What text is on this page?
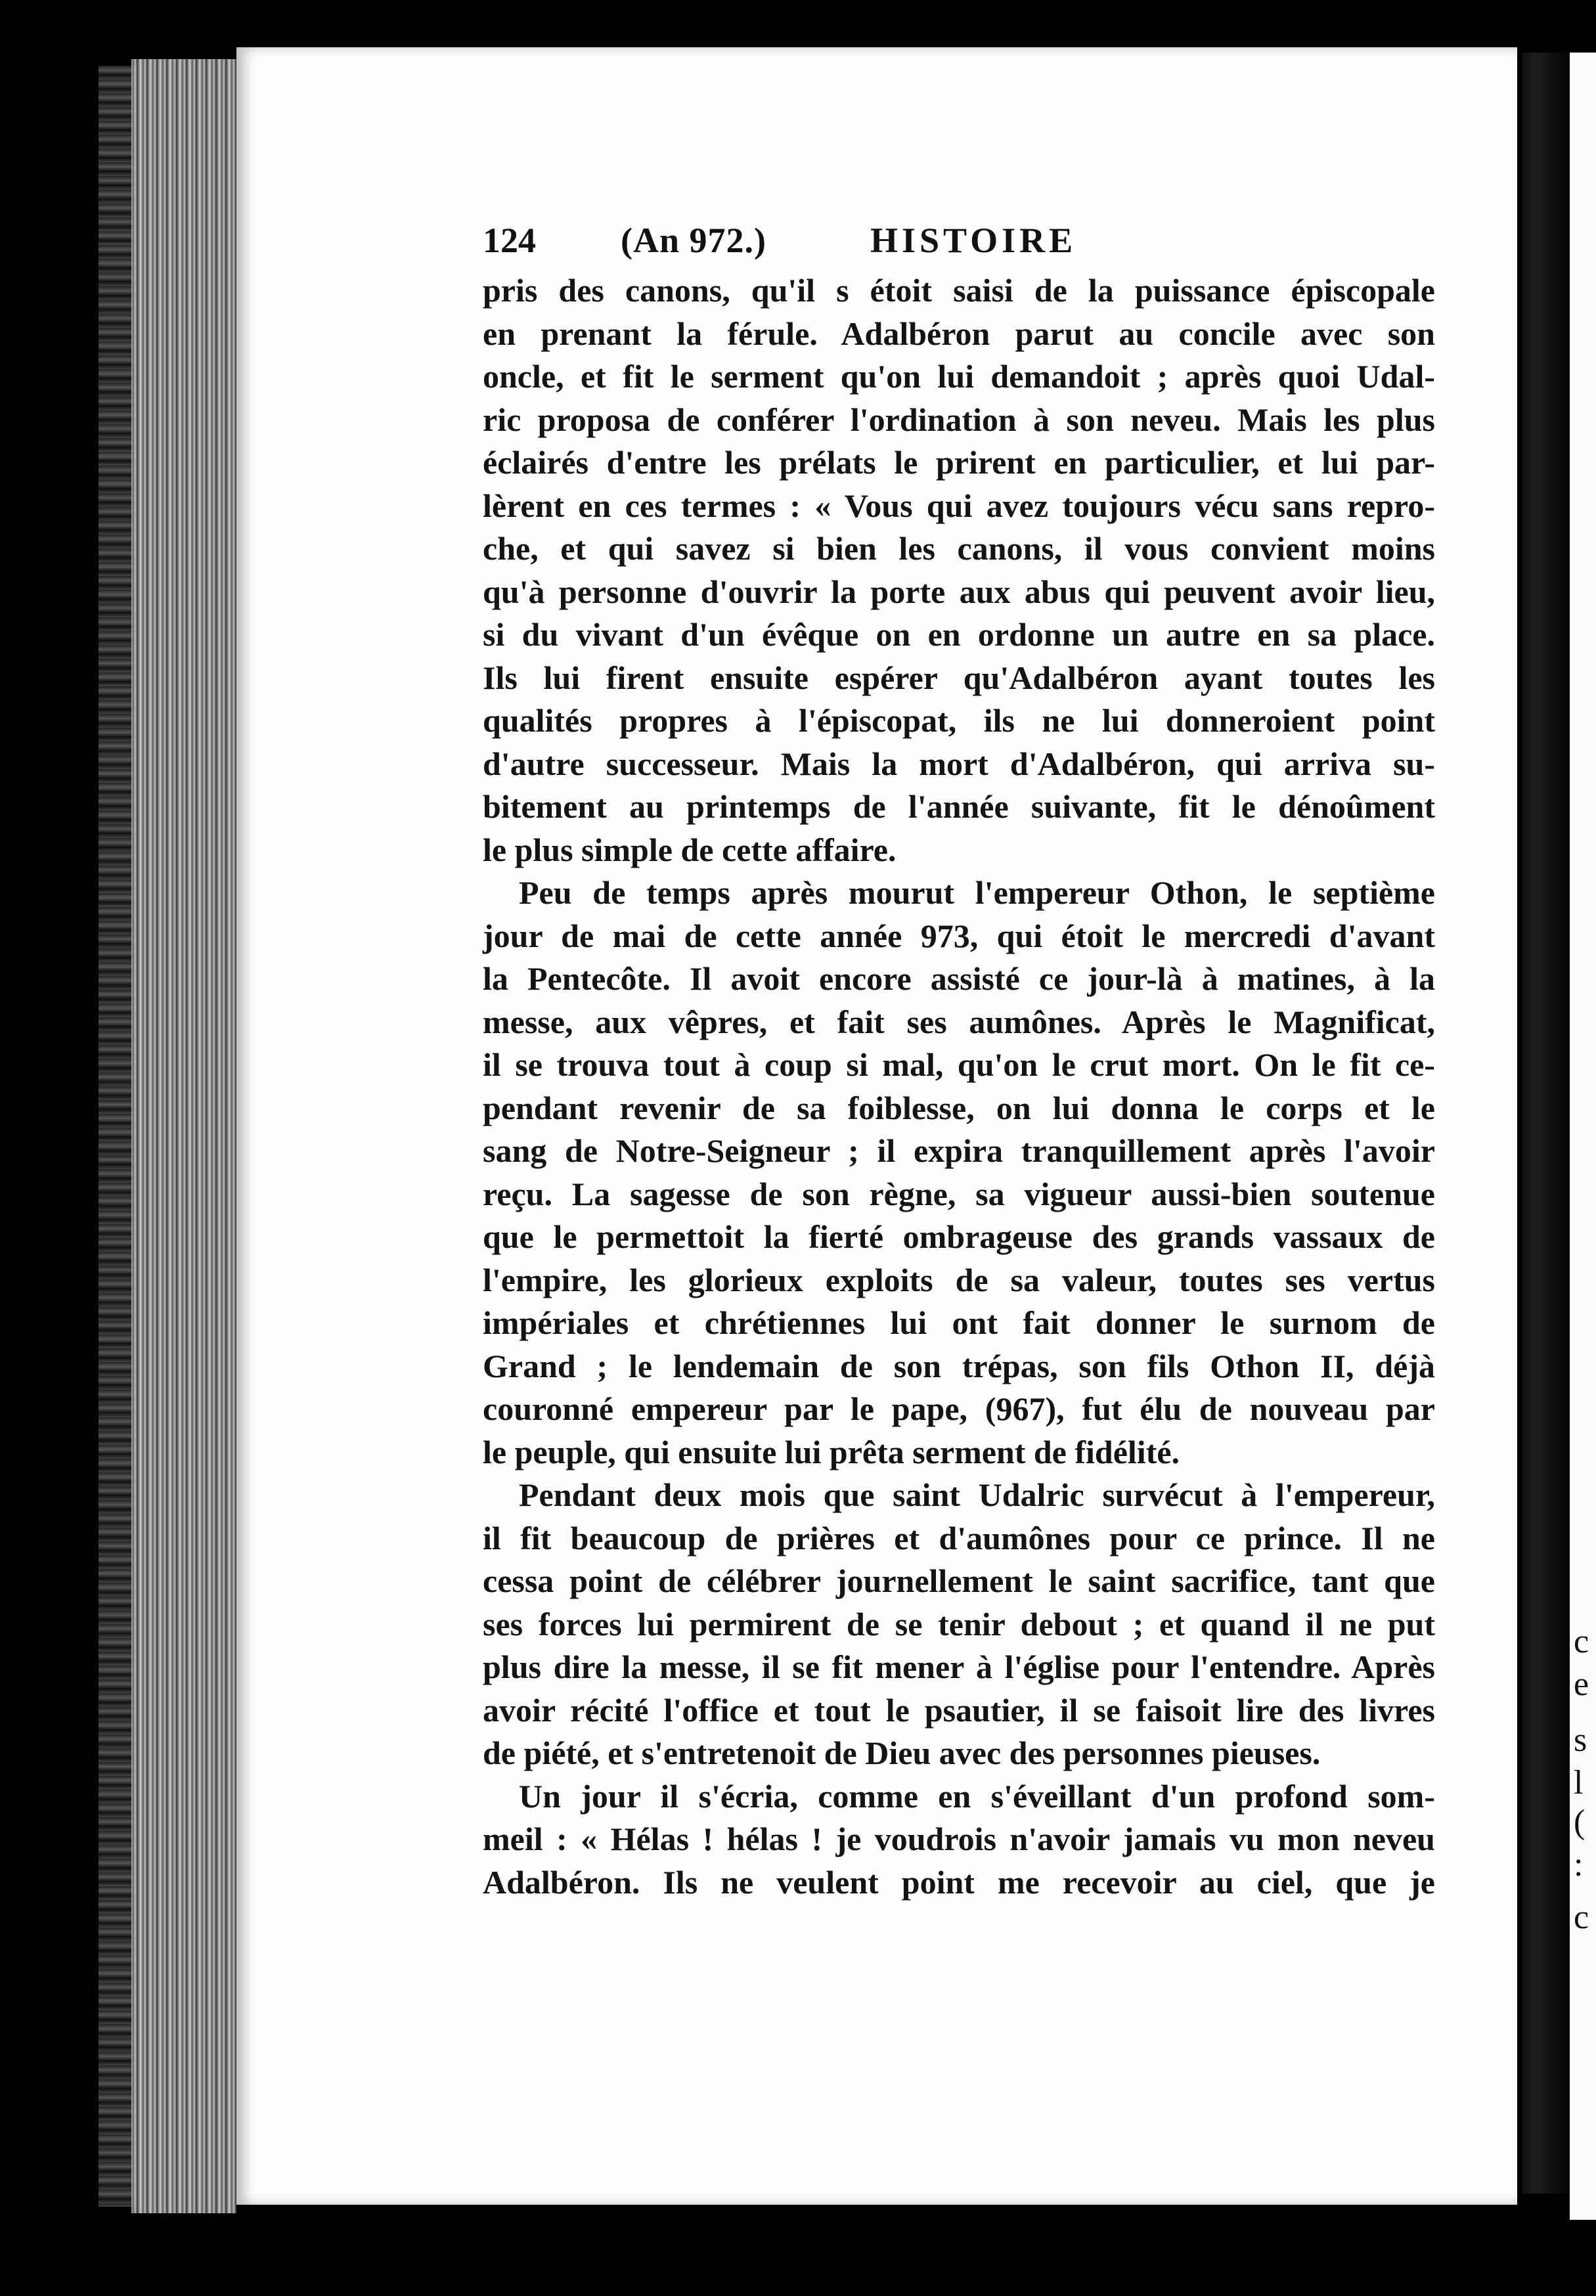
c
e
s
l
(
:
c
124 (An 972.)	HISTOIRE
pris des canons, qu'il s étoit saisi de la puissance épiscopale
en prenant la férule. Adalbéron parut au concile avec son
oncle, et fit le serment qu'on lui demandoit ; après quoi Udal-
ric proposa de conférer l'ordination à son neveu. Mais les plus
éclairés d'entre les prélats le prirent en particulier, et lui par-
lèrent en ces termes : « Vous qui avez toujours vécu sans repro-
che, et qui savez si bien les canons, il vous convient moins
qu'à personne d'ouvrir la porte aux abus qui peuvent avoir lieu,
si du vivant d'un évêque on en ordonne un autre en sa place.
Ils lui firent ensuite espérer qu'Adalbéron ayant toutes les
qualités propres à l'épiscopat, ils ne lui donneroient point
d'autre successeur. Mais la mort d'Adalbéron, qui arriva su-
bitement au printemps de l'année suivante, fit le dénoûment
le plus simple de cette affaire.
Peu de temps après mourut l'empereur Othon, le septième
jour de mai de cette année 973, qui étoit le mercredi d'avant
la Pentecôte. Il avoit encore assisté ce jour-là à matines, à la
messe, aux vêpres, et fait ses aumônes. Après le Magnificat,
il se trouva tout à coup si mal, qu'on le crut mort. On le fit ce-
pendant revenir de sa foiblesse, on lui donna le corps et le
sang de Notre-Seigneur ; il expira tranquillement après l'avoir
reçu. La sagesse de son règne, sa vigueur aussi-bien soutenue
que le permettoit la fierté ombrageuse des grands vassaux de
l'empire, les glorieux exploits de sa valeur, toutes ses vertus
impériales et chrétiennes lui ont fait donner le surnom de
Grand ; le lendemain de son trépas, son fils Othon II, déjà
couronné empereur par le pape, (967), fut élu de nouveau par
le peuple, qui ensuite lui prêta serment de fidélité.
Pendant deux mois que saint Udalric survécut à l'empereur,
il fit beaucoup de prières et d'aumônes pour ce prince. Il ne
cessa point de célébrer journellement le saint sacrifice, tant que
ses forces lui permirent de se tenir debout ; et quand il ne put
plus dire la messe, il se fit mener à l'église pour l'entendre. Après
avoir récité l'office et tout le psautier, il se faisoit lire des livres
de piété, et s'entretenoit de Dieu avec des personnes pieuses.
Un jour il s'écria, comme en s'éveillant d'un profond som-
meil : « Hélas ! hélas ! je voudrois n'avoir jamais vu mon neveu
Adalbéron. Ils ne veulent point me recevoir au ciel, que je
